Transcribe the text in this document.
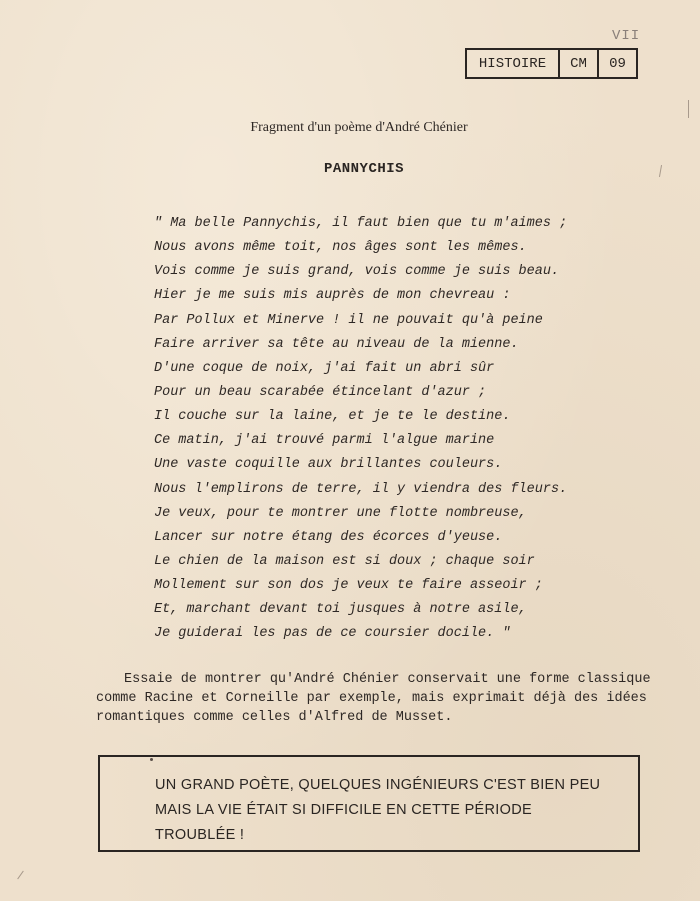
VII
HISTOIRE	CM	09
Fragment d'un poème d'André Chénier
PANNYCHIS
" Ma belle Pannychis, il faut bien que tu m'aimes ;
Nous avons même toit, nos âges sont les mêmes.
Vois comme je suis grand, vois comme je suis beau.
Hier je me suis mis auprès de mon chevreau :
Par Pollux et Minerve ! il ne pouvait qu'à peine
Faire arriver sa tête au niveau de la mienne.
D'une coque de noix, j'ai fait un abri sûr
Pour un beau scarabée étincelant d'azur ;
Il couche sur la laine, et je te le destine.
Ce matin, j'ai trouvé parmi l'algue marine
Une vaste coquille aux brillantes couleurs.
Nous l'emplirons de terre, il y viendra des fleurs.
Je veux, pour te montrer une flotte nombreuse,
Lancer sur notre étang des écorces d'yeuse.
Le chien de la maison est si doux ; chaque soir
Mollement sur son dos je veux te faire asseoir ;
Et, marchant devant toi jusques à notre asile,
Je guiderai les pas de ce coursier docile. "
Essaie de montrer qu'André Chénier conservait une forme classique
comme Racine et Corneille par exemple, mais exprimait déjà des idées
romantiques comme celles d'Alfred de Musset.
UN GRAND POÈTE, QUELQUES INGÉNIEURS C'EST BIEN PEU
MAIS LA VIE ÉTAIT SI DIFFICILE EN CETTE PÉRIODE
TROUBLÉE !
